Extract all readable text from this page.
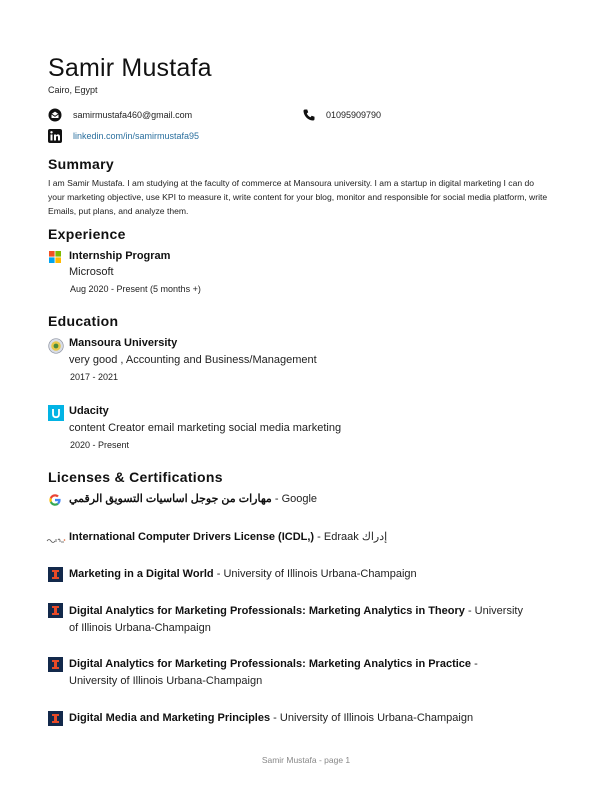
Samir Mustafa
Cairo, Egypt
samirmustafa460@gmail.com	01095909790
linkedin.com/in/samirmustafa95
Summary
I am Samir Mustafa. I am studying at the faculty of commerce at Mansoura university. I am a startup in digital marketing I can do your marketing objective, use KPI to measure it, write content for your blog, monitor and responsible for social media platform, write Emails, put plans, and analyze them.
Experience
Internship Program
Microsoft
Aug 2020 - Present (5 months +)
Education
Mansoura University
very good , Accounting and Business/Management
2017 - 2021
Udacity
content Creator email marketing social media marketing
2020 - Present
Licenses & Certifications
مهارات من جوجل اساسيات التسويق الرقمي - Google
International Computer Drivers License (ICDL,) - Edraak إدراك
Marketing in a Digital World - University of Illinois Urbana-Champaign
Digital Analytics for Marketing Professionals: Marketing Analytics in Theory - University of Illinois Urbana-Champaign
Digital Analytics for Marketing Professionals: Marketing Analytics in Practice - University of Illinois Urbana-Champaign
Digital Media and Marketing Principles - University of Illinois Urbana-Champaign
Samir Mustafa - page 1
